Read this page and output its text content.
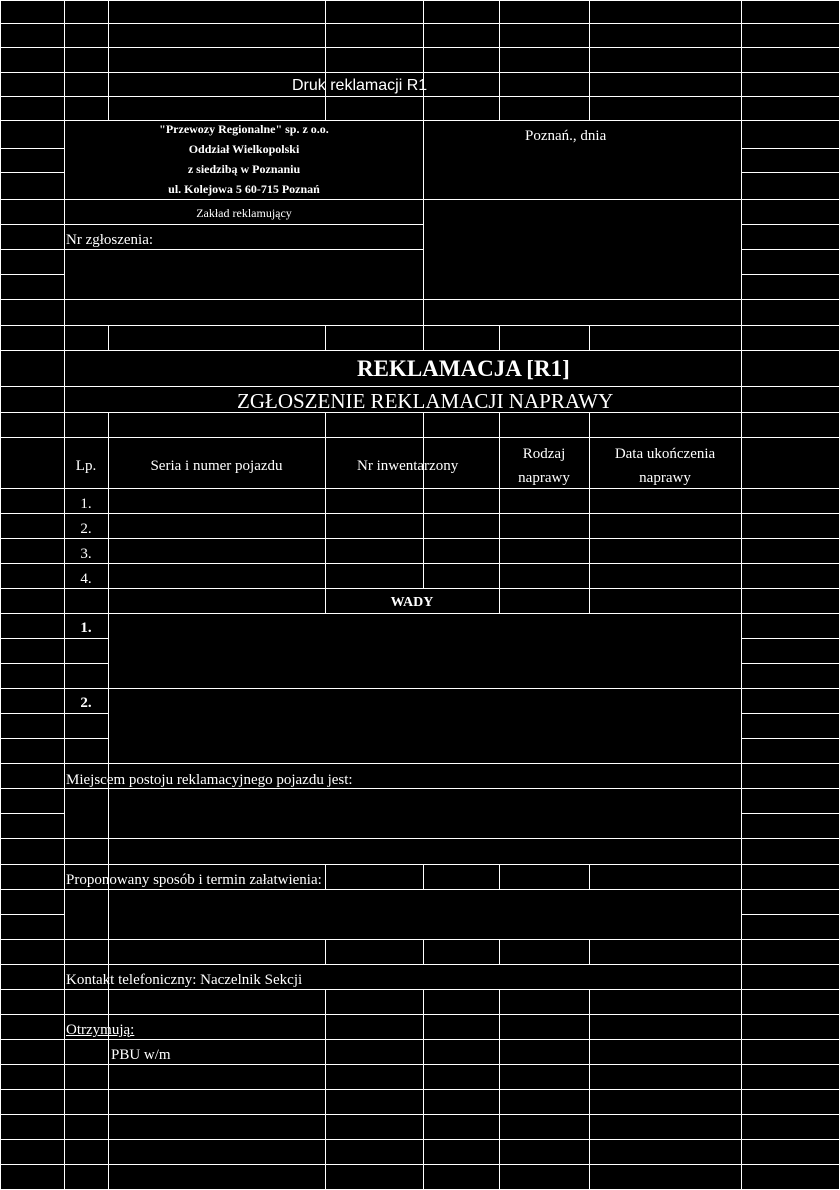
Druk reklamacji R1
"Przewozy Regionalne" sp. z o.o.
Oddział Wielkopolski
z siedzibą w Poznaniu
ul. Kolejowa 5 60-715 Poznań
Zakład reklamujący
Poznań., dnia
Nr zgłoszenia:
REKLAMACJA [R1]
ZGŁOSZENIE REKLAMACJI NAPRAWY
Lp.	Seria i numer pojazdu	Nr inwentarzony
Rodzaj
naprawy
Data ukończenia
naprawy
1.
2.
3.
4.
WADY
1.
2.
Miejscem postoju reklamacyjnego pojazdu jest:
Proponowany sposób i termin załatwienia:
Kontakt telefoniczny: Naczelnik Sekcji
Otrzymują:
PBU w/m
